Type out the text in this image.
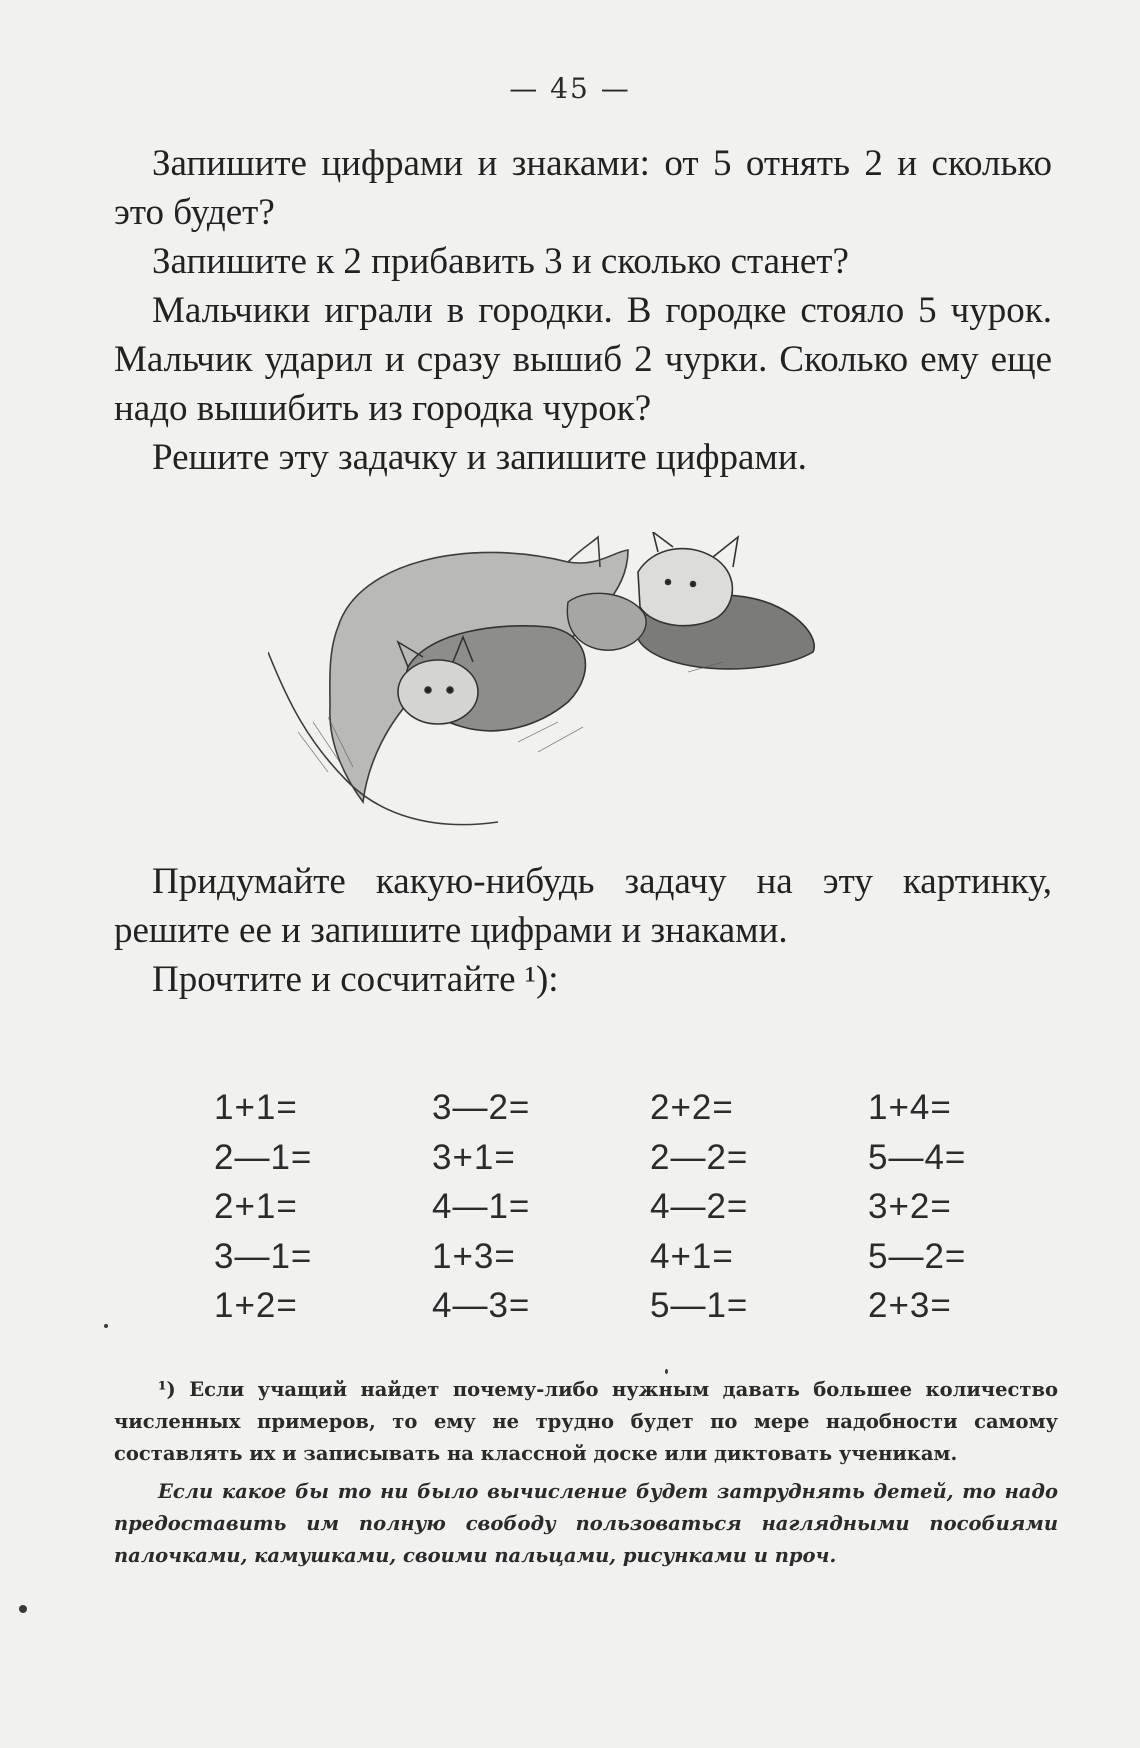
— 45 —

Запишите цифрами и знаками: от 5 отнять 2 и сколько это будет?

Запишите к 2 прибавить 3 и сколько станет?

Мальчики играли в городки. В городке стояло 5 чурок. Мальчик ударил и сразу вышиб 2 чурки. Сколько ему еще надо вышибить из городка чурок?

Решите эту задачку и запишите цифрами.

Придумайте какую-нибудь задачу на эту картинку, решите ее и запишите цифрами и знаками.

Прочтите и сосчитайте ¹):

1+1=	3—2=	2+2=	1+4=
2—1=	3+1=	2—2=	5—4=
2+1=	4—1=	4—2=	3+2=
3—1=	1+3=	4+1=	5—2=
1+2=	4—3=	5—1=	2+3=

¹) Если учащий найдет почему-либо нужным давать большее количество численных примеров, то ему не трудно будет по мере надобности самому составлять их и записывать на классной доске или диктовать ученикам.

Если какое бы то ни было вычисление будет затруднять детей, то надо предоставить им полную свободу пользоваться наглядными пособиями палочками, камушками, своими пальцами, рисунками и проч.
